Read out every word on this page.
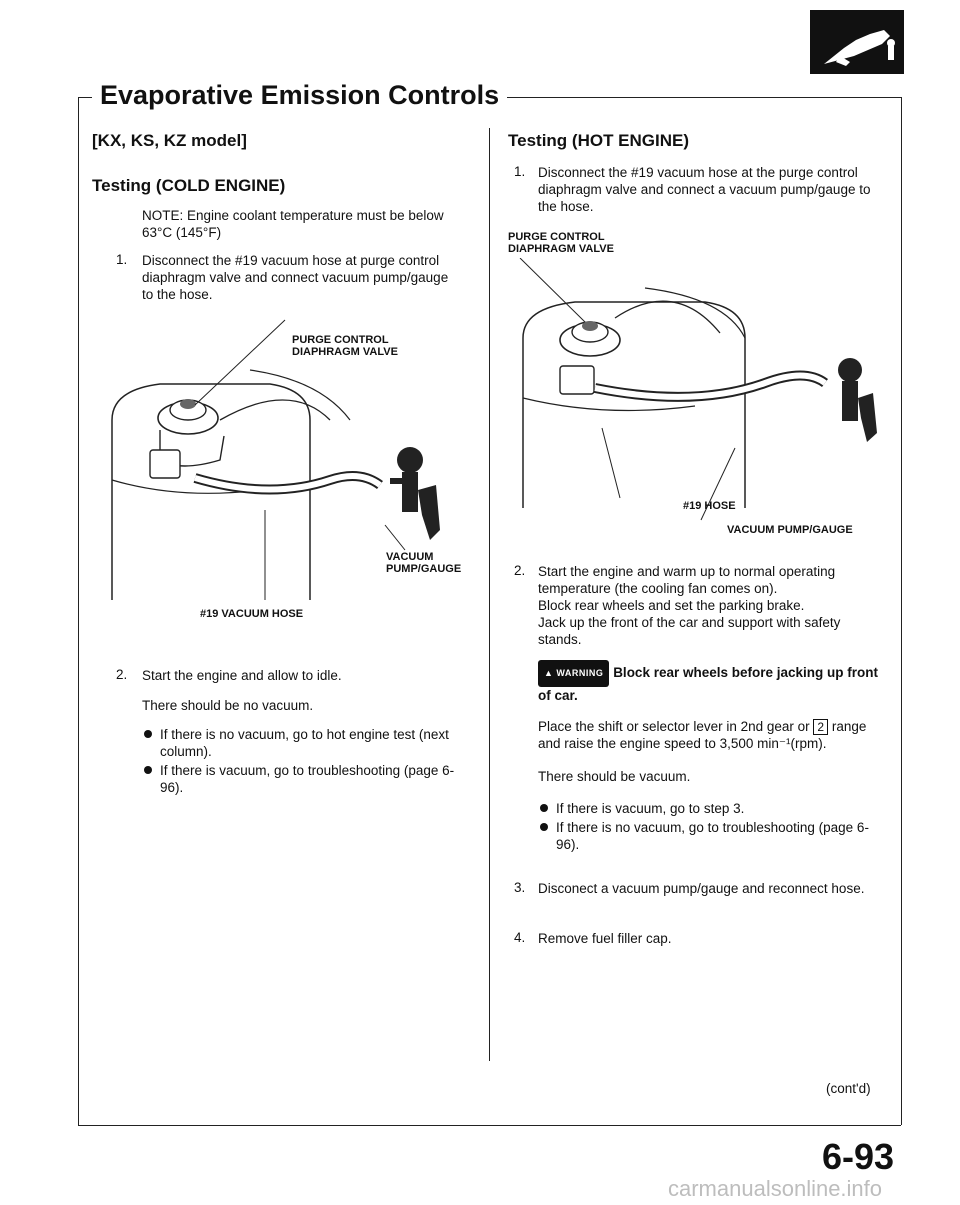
Evaporative Emission Controls
[KX, KS, KZ model]
Testing (COLD ENGINE)
NOTE: Engine coolant temperature must be below 63°C (145°F)
1. Disconnect the #19 vacuum hose at purge control diaphragm valve and connect vacuum pump/gauge to the hose.
PURGE CONTROL
DIAPHRAGM VALVE
VACUUM
PUMP/GAUGE
#19 VACUUM HOSE
2. Start the engine and allow to idle.
There should be no vacuum.
If there is no vacuum, go to hot engine test (next column).
If there is vacuum, go to troubleshooting (page 6-96).
Testing (HOT ENGINE)
1. Disconnect the #19 vacuum hose at the purge control diaphragm valve and connect a vacuum pump/gauge to the hose.
PURGE CONTROL
DIAPHRAGM VALVE
#19 HOSE
VACUUM PUMP/GAUGE
2. Start the engine and warm up to normal operating temperature (the cooling fan comes on).
Block rear wheels and set the parking brake.
Jack up the front of the car and support with safety stands.
▲ WARNING Block rear wheels before jacking up front of car.
Place the shift or selector lever in 2nd gear or 2 range and raise the engine speed to 3,500 min⁻¹(rpm).
There should be vacuum.
If there is vacuum, go to step 3.
If there is no vacuum, go to troubleshooting (page 6-96).
3. Disconect a vacuum pump/gauge and reconnect hose.
4. Remove fuel filler cap.
(cont'd)
6-93
carmanualsonline.info
